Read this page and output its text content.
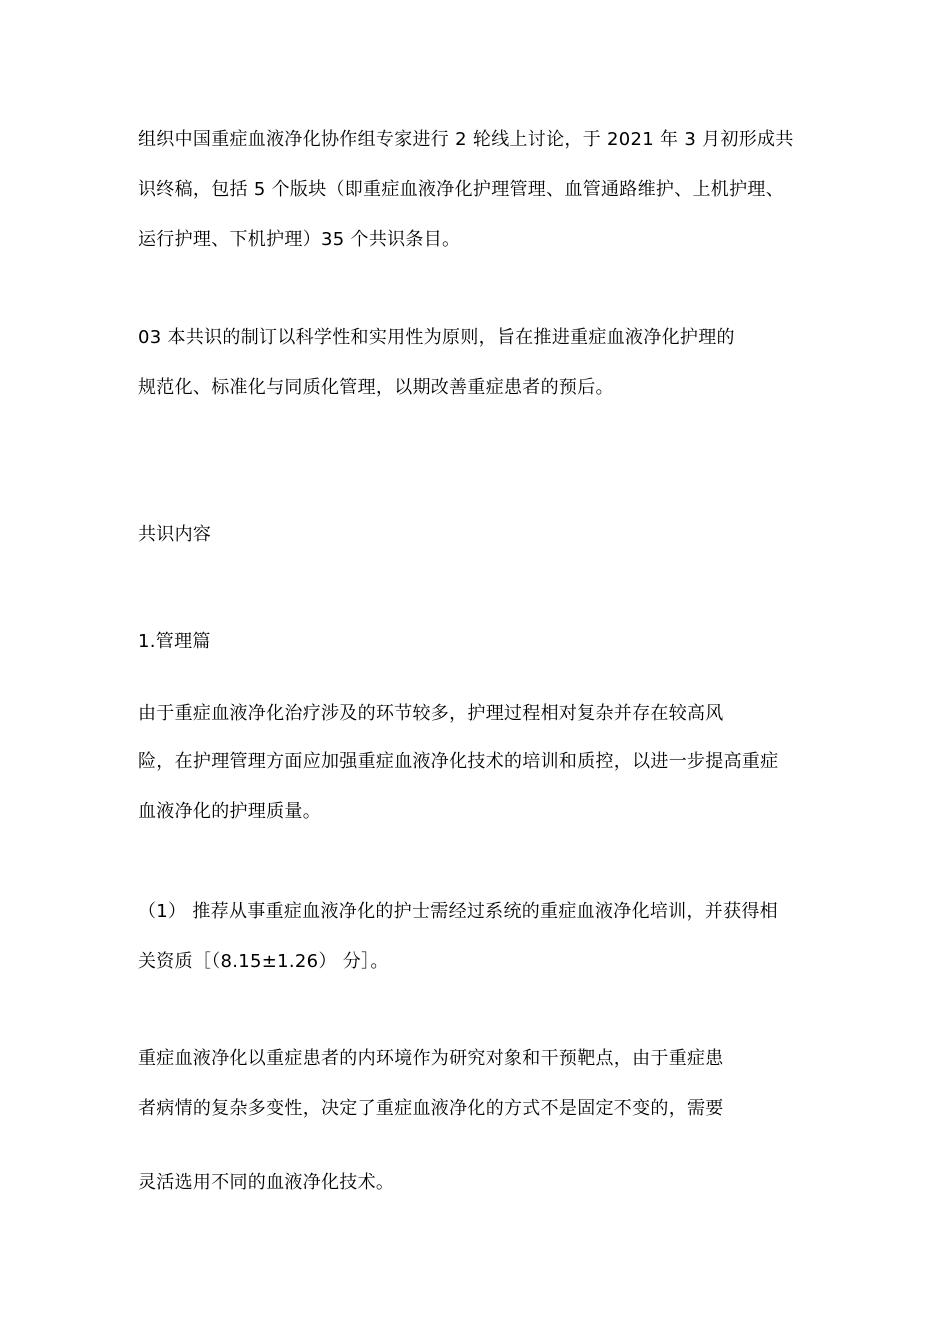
组织中国重症血液净化协作组专家进行 2 轮线上讨论，于 2021 年 3 月初形成共
识终稿，包括 5 个版块（即重症血液净化护理管理、血管通路维护、上机护理、
运行护理、下机护理）35 个共识条目。
03 本共识的制订以科学性和实用性为原则，旨在推进重症血液净化护理的
规范化、标准化与同质化管理，以期改善重症患者的预后。
共识内容
1.管理篇
由于重症血液净化治疗涉及的环节较多，护理过程相对复杂并存在较高风
险，在护理管理方面应加强重症血液净化技术的培训和质控，以进一步提高重症
血液净化的护理质量。
（1） 推荐从事重症血液净化的护士需经过系统的重症血液净化培训，并获得相
关资质［（8.15±1.26） 分］。
重症血液净化以重症患者的内环境作为研究对象和干预靶点，由于重症患
者病情的复杂多变性，决定了重症血液净化的方式不是固定不变的，需要
灵活选用不同的血液净化技术。
